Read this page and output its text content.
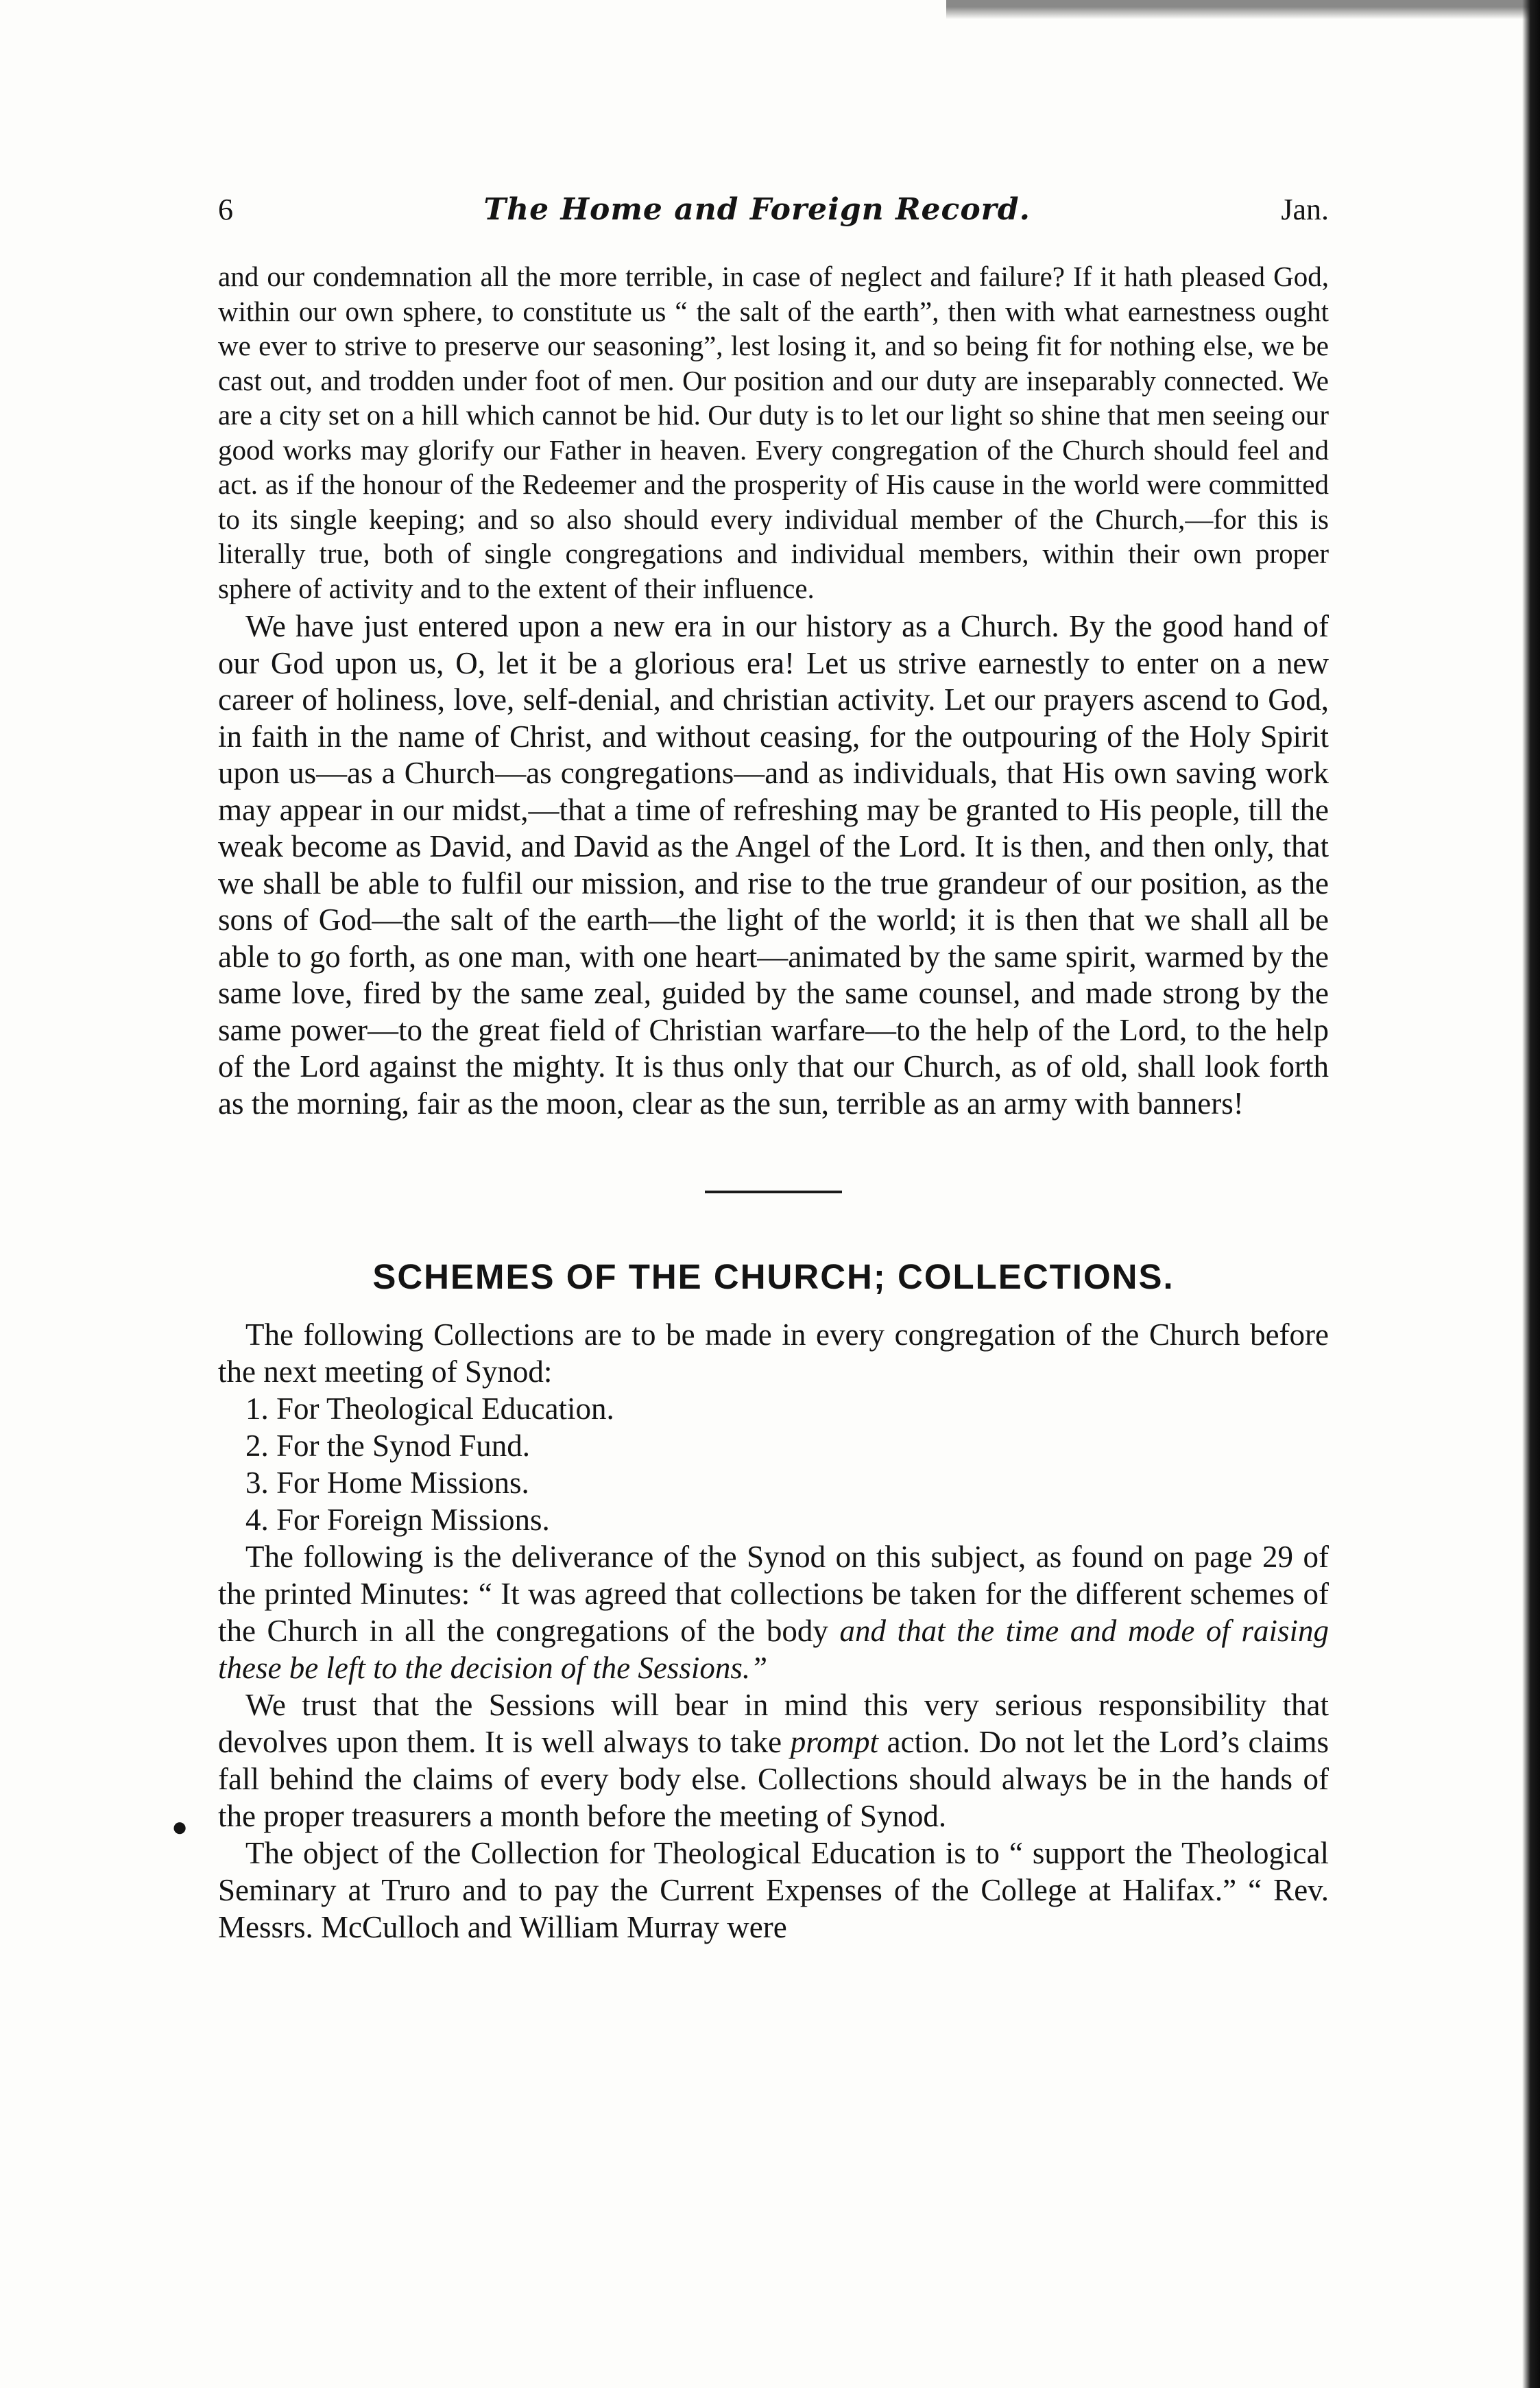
6	The Home and Foreign Record.	Jan.

and our condemnation all the more terrible, in case of neglect and failure? If it hath pleased God, within our own sphere, to constitute us “ the salt of the earth”, then with what earnestness ought we ever to strive to preserve our seasoning”, lest losing it, and so being fit for nothing else, we be cast out, and trodden under foot of men. Our position and our duty are inseparably connected. We are a city set on a hill which cannot be hid. Our duty is to let our light so shine that men seeing our good works may glorify our Father in heaven. Every congregation of the Church should feel and act. as if the honour of the Redeemer and the prosperity of His cause in the world were committed to its single keeping; and so also should every individual member of the Church,—for this is literally true, both of single congregations and individual members, within their own proper sphere of activity and to the extent of their influence.

We have just entered upon a new era in our history as a Church. By the good hand of our God upon us, O, let it be a glorious era! Let us strive earnestly to enter on a new career of holiness, love, self-denial, and christian activity. Let our prayers ascend to God, in faith in the name of Christ, and without ceasing, for the outpouring of the Holy Spirit upon us—as a Church—as congregations—and as individuals, that His own saving work may appear in our midst,—that a time of refreshing may be granted to His people, till the weak become as David, and David as the Angel of the Lord. It is then, and then only, that we shall be able to fulfil our mission, and rise to the true grandeur of our position, as the sons of God—the salt of the earth—the light of the world; it is then that we shall all be able to go forth, as one man, with one heart—animated by the same spirit, warmed by the same love, fired by the same zeal, guided by the same counsel, and made strong by the same power—to the great field of Christian warfare—to the help of the Lord, to the help of the Lord against the mighty. It is thus only that our Church, as of old, shall look forth as the morning, fair as the moon, clear as the sun, terrible as an army with banners!

SCHEMES OF THE CHURCH; COLLECTIONS.

The following Collections are to be made in every congregation of the Church before the next meeting of Synod:

1. For Theological Education.
2. For the Synod Fund.
3. For Home Missions.
4. For Foreign Missions.

The following is the deliverance of the Synod on this subject, as found on page 29 of the printed Minutes: “ It was agreed that collections be taken for the different schemes of the Church in all the congregations of the body and that the time and mode of raising these be left to the decision of the Sessions.”

We trust that the Sessions will bear in mind this very serious responsibility that devolves upon them. It is well always to take prompt action. Do not let the Lord’s claims fall behind the claims of every body else. Collections should always be in the hands of the proper treasurers a month before the meeting of Synod.

The object of the Collection for Theological Education is to “ support the Theological Seminary at Truro and to pay the Current Expenses of the College at Halifax.” “ Rev. Messrs. McCulloch and William Murray were

●
